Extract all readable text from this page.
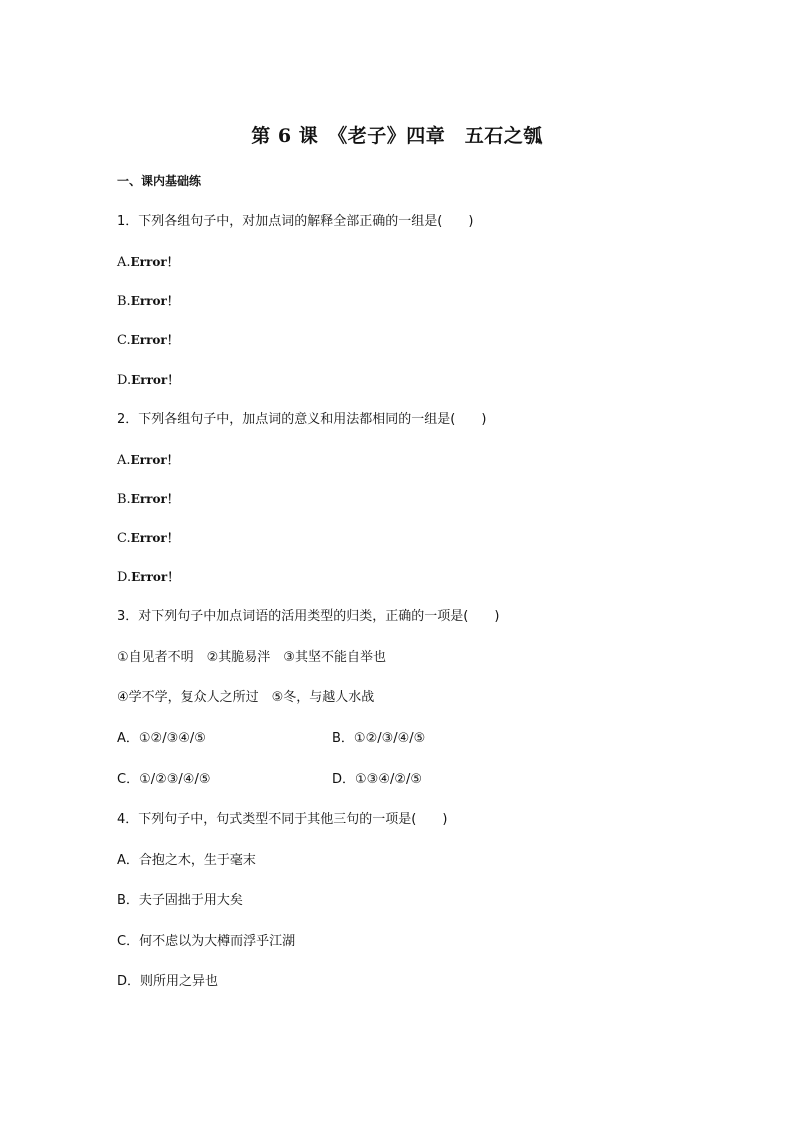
第 6 课　《老子》四章　五石之瓠
一、课内基础练
1．下列各组句子中，对加点词的解释全部正确的一组是(　　)
A.Error！
B.Error！
C.Error！
D.Error！
2．下列各组句子中，加点词的意义和用法都相同的一组是(　　)
A.Error！
B.Error！
C.Error！
D.Error！
3．对下列句子中加点词语的活用类型的归类，正确的一项是(　　)
①自见者不明　②其脆易泮　③其坚不能自举也
④学不学，复众人之所过　⑤冬，与越人水战
A．①②/③④/⑤	B．①②/③/④/⑤
C．①/②③/④/⑤	D．①③④/②/⑤
4．下列句子中，句式类型不同于其他三句的一项是(　　)
A．合抱之木，生于毫末
B．夫子固拙于用大矣
C．何不虑以为大樽而浮乎江湖
D．则所用之异也
